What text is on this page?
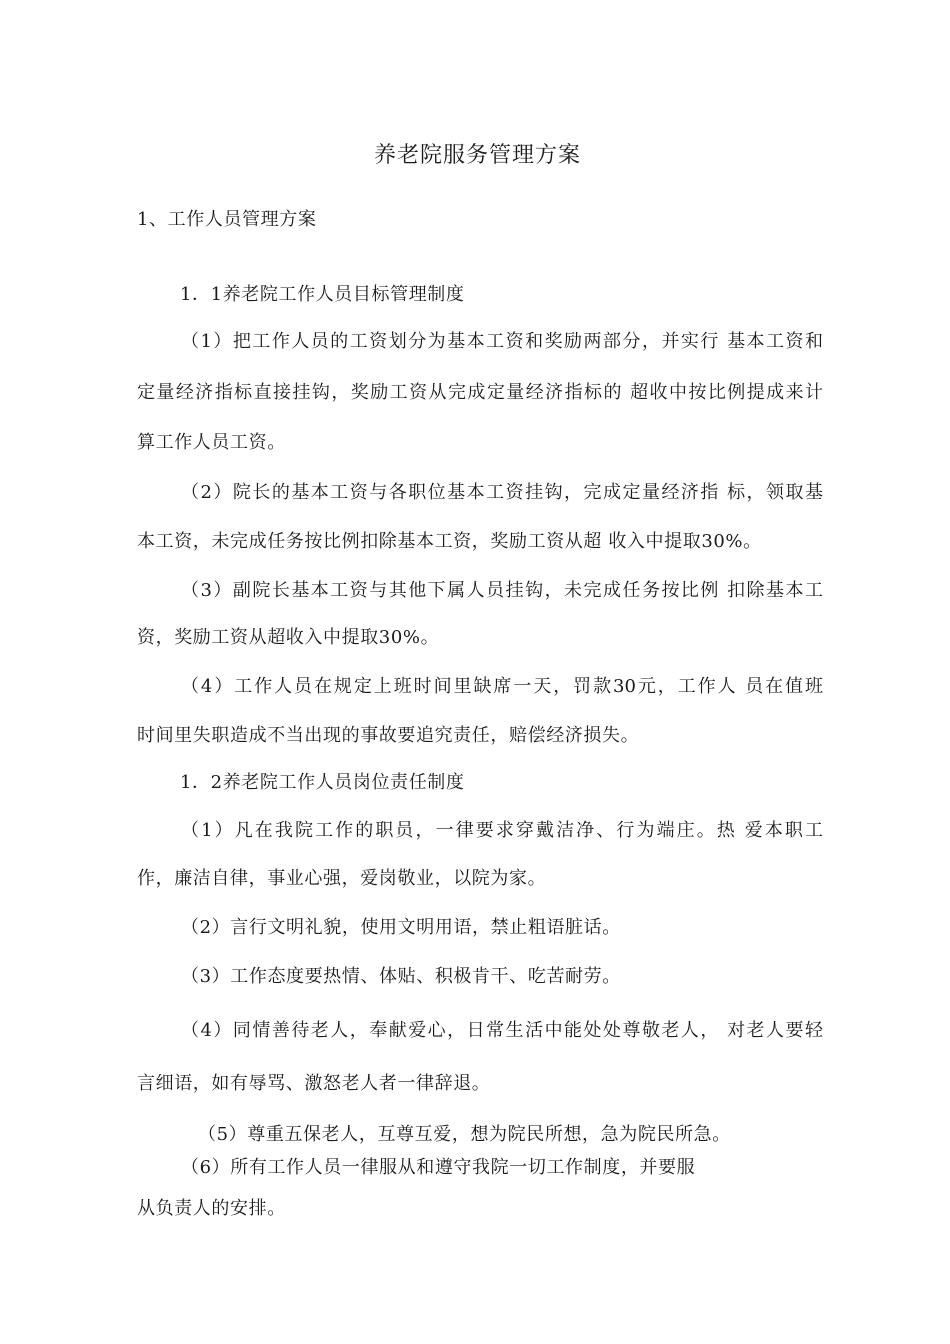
养老院服务管理方案
1、工作人员管理方案
1．1养老院工作人员目标管理制度
（1）把工作人员的工资划分为基本工资和奖励两部分，并实行 基本工资和
定量经济指标直接挂钩，奖励工资从完成定量经济指标的 超收中按比例提成来计
算工作人员工资。
（2）院长的基本工资与各职位基本工资挂钩，完成定量经济指 标，领取基
本工资，未完成任务按比例扣除基本工资，奖励工资从超 收入中提取30%。
（3）副院长基本工资与其他下属人员挂钩，未完成任务按比例 扣除基本工
资，奖励工资从超收入中提取30%。
（4）工作人员在规定上班时间里缺席一天，罚款30元，工作人 员在值班
时间里失职造成不当出现的事故要追究责任，赔偿经济损失。
1．2养老院工作人员岗位责任制度
（1）凡在我院工作的职员，一律要求穿戴洁净、行为端庄。热 爱本职工
作，廉洁自律，事业心强，爱岗敬业，以院为家。
（2）言行文明礼貌，使用文明用语，禁止粗语脏话。
（3）工作态度要热情、体贴、积极肯干、吃苦耐劳。
（4）同情善待老人，奉献爱心，日常生活中能处处尊敬老人， 对老人要轻
言细语，如有辱骂、激怒老人者一律辞退。
（5）尊重五保老人，互尊互爱，想为院民所想，急为院民所急。
（6）所有工作人员一律服从和遵守我院一切工作制度，并要服
从负责人的安排。
